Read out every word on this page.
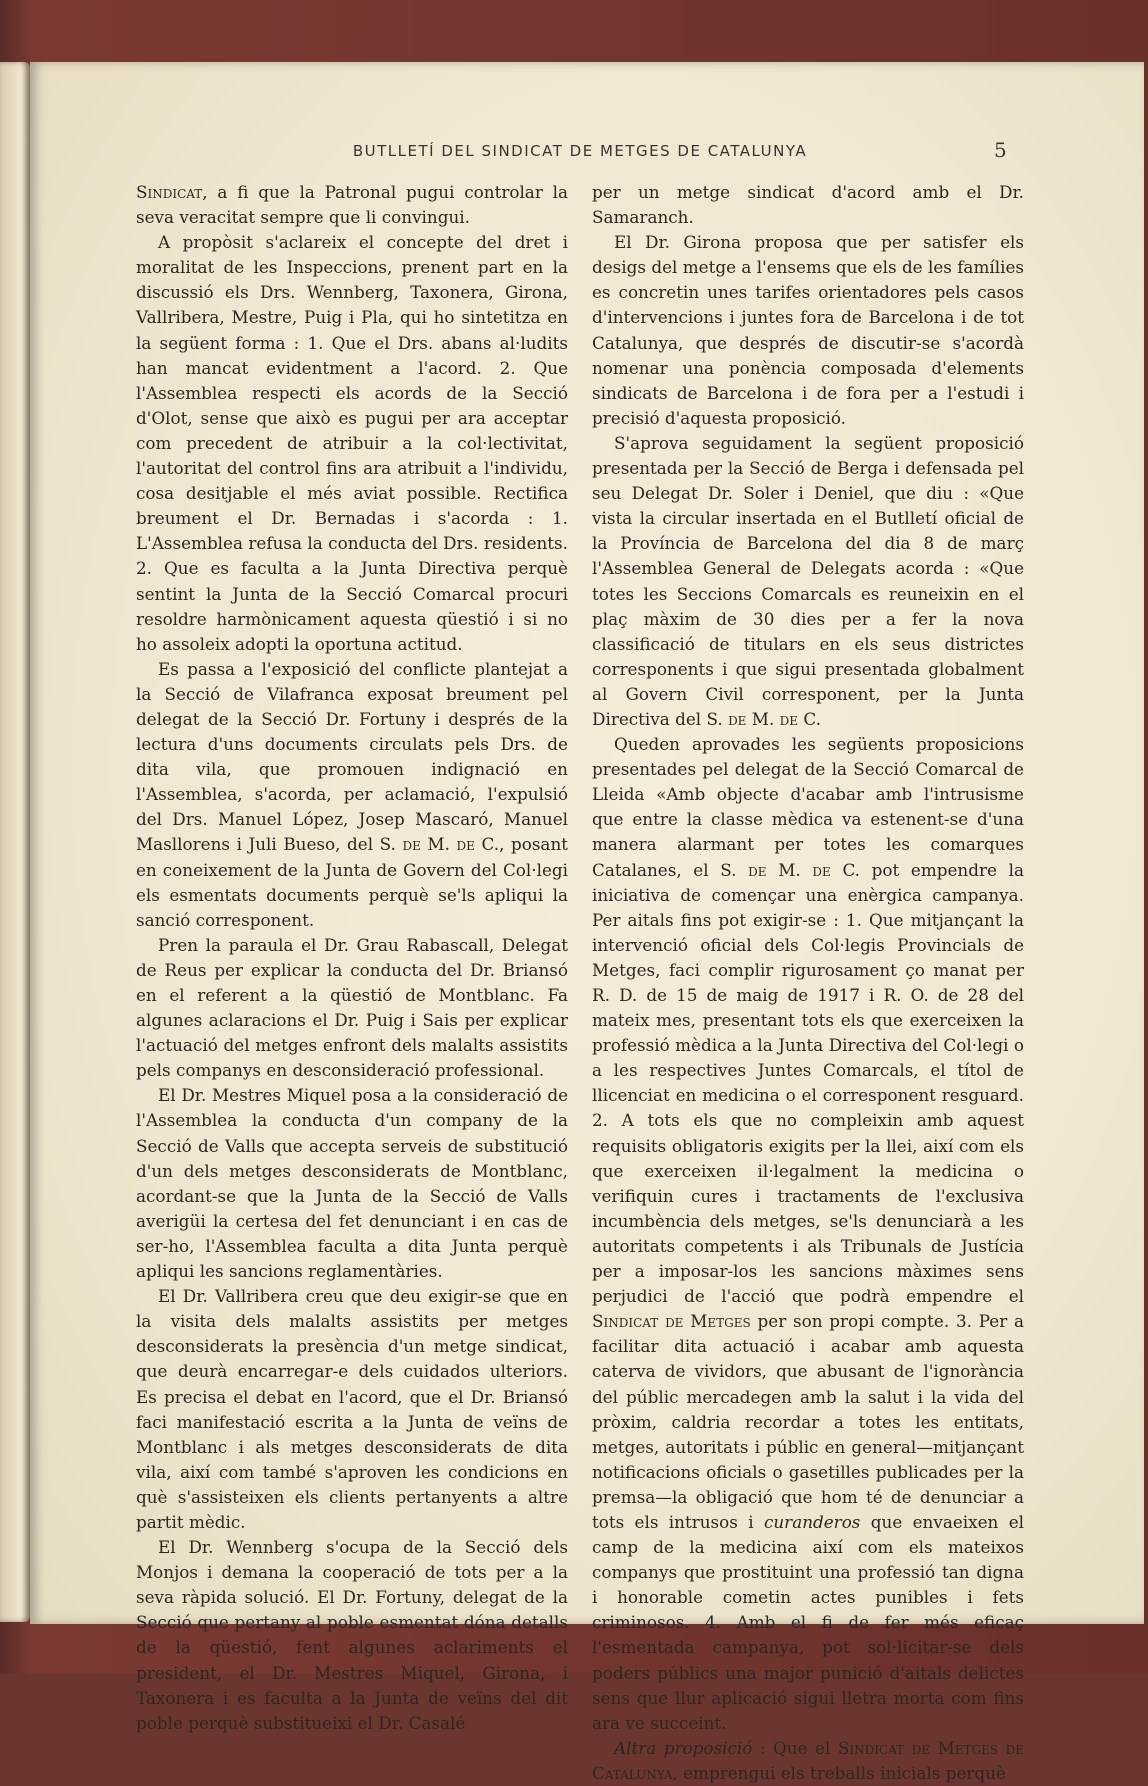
BUTLLETÍ DEL SINDICAT DE METGES DE CATALUNYA	5

Sindicat, a fi que la Patronal pugui controlar la seva veracitat sempre que li convingui.

A propòsit s'aclareix el concepte del dret i moralitat de les Inspeccions, prenent part en la discussió els Drs. Wennberg, Taxonera, Girona, Vallribera, Mestre, Puig i Pla, qui ho sintetitza en la següent forma : 1. Que el Drs. abans al·ludits han mancat evidentment a l'acord. 2. Que l'Assemblea respecti els acords de la Secció d'Olot, sense que això es pugui per ara acceptar com precedent de atribuir a la col·lectivitat, l'autoritat del control fins ara atribuit a l'individu, cosa desitjable el més aviat possible. Rectifica breument el Dr. Bernadas i s'acorda : 1. L'Assemblea refusa la conducta del Drs. residents. 2. Que es faculta a la Junta Directiva perquè sentint la Junta de la Secció Comarcal procuri resoldre harmònicament aquesta qüestió i si no ho assoleix adopti la oportuna actitud.

Es passa a l'exposició del conflicte plantejat a la Secció de Vilafranca exposat breument pel delegat de la Secció Dr. Fortuny i després de la lectura d'uns documents circulats pels Drs. de dita vila, que promouen indignació en l'Assemblea, s'acorda, per aclamació, l'expulsió del Drs. Manuel López, Josep Mascaró, Manuel Masllorens i Juli Bueso, del S. de M. de C., posant en coneixement de la Junta de Govern del Col·legi els esmentats documents perquè se'ls apliqui la sanció corresponent.

Pren la paraula el Dr. Grau Rabascall, Delegat de Reus per explicar la conducta del Dr. Briansó en el referent a la qüestió de Montblanc. Fa algunes aclaracions el Dr. Puig i Sais per explicar l'actuació del metges enfront dels malalts assistits pels companys en desconsideració professional.

El Dr. Mestres Miquel posa a la consideració de l'Assemblea la conducta d'un company de la Secció de Valls que accepta serveis de substitució d'un dels metges desconsiderats de Montblanc, acordant-se que la Junta de la Secció de Valls averigüi la certesa del fet denunciant i en cas de ser-ho, l'Assemblea faculta a dita Junta perquè apliqui les sancions reglamentàries.

El Dr. Vallribera creu que deu exigir-se que en la visita dels malalts assistits per metges desconsiderats la presència d'un metge sindicat, que deurà encarregar-e dels cuidados ulteriors. Es precisa el debat en l'acord, que el Dr. Briansó faci manifestació escrita a la Junta de veïns de Montblanc i als metges desconsiderats de dita vila, així com també s'aproven les condicions en què s'assisteixen els clients pertanyents a altre partit mèdic.

El Dr. Wennberg s'ocupa de la Secció dels Monjos i demana la cooperació de tots per a la seva ràpida solució. El Dr. Fortuny, delegat de la Secció que pertany al poble esmentat dóna detalls de la qüestió, fent algunes aclariments el president, el Dr. Mestres Miquel, Girona, i Taxonera i es faculta a la Junta de veïns del dit poble perquè substitueixi el Dr. Casalé

per un metge sindicat d'acord amb el Dr. Samaranch.

El Dr. Girona proposa que per satisfer els desigs del metge a l'ensems que els de les famílies es concretin unes tarifes orientadores pels casos d'intervencions i juntes fora de Barcelona i de tot Catalunya, que després de discutir-se s'acordà nomenar una ponència composada d'elements sindicats de Barcelona i de fora per a l'estudi i precisió d'aquesta proposició.

S'aprova seguidament la següent proposició presentada per la Secció de Berga i defensada pel seu Delegat Dr. Soler i Deniel, que diu : «Que vista la circular insertada en el Butlletí oficial de la Província de Barcelona del dia 8 de març l'Assemblea General de Delegats acorda : «Que totes les Seccions Comarcals es reuneixin en el plaç màxim de 30 dies per a fer la nova classificació de titulars en els seus districtes corresponents i que sigui presentada globalment al Govern Civil corresponent, per la Junta Directiva del S. de M. de C.

Queden aprovades les següents proposicions presentades pel delegat de la Secció Comarcal de Lleida «Amb objecte d'acabar amb l'intrusisme que entre la classe mèdica va estenent-se d'una manera alarmant per totes les comarques Catalanes, el S. de M. de C. pot empendre la iniciativa de començar una enèrgica campanya. Per aitals fins pot exigir-se : 1. Que mitjançant la intervenció oficial dels Col·legis Provincials de Metges, faci complir rigurosament ço manat per R. D. de 15 de maig de 1917 i R. O. de 28 del mateix mes, presentant tots els que exerceixen la professió mèdica a la Junta Directiva del Col·legi o a les respectives Juntes Comarcals, el títol de llicenciat en medicina o el corresponent resguard. 2. A tots els que no compleixin amb aquest requisits obligatoris exigits per la llei, així com els que exerceixen il·legalment la medicina o verifiquin cures i tractaments de l'exclusiva incumbència dels metges, se'ls denunciarà a les autoritats competents i als Tribunals de Justícia per a imposar-los les sancions màximes sens perjudici de l'acció que podrà empendre el Sindicat de Metges per son propi compte. 3. Per a facilitar dita actuació i acabar amb aquesta caterva de vividors, que abusant de l'ignorància del públic mercadegen amb la salut i la vida del pròxim, caldria recordar a totes les entitats, metges, autoritats i públic en general—mitjançant notificacions oficials o gasetilles publicades per la premsa—la obligació que hom té de denunciar a tots els intrusos i curanderos que envaeixen el camp de la medicina així com els mateixos companys que prostituint una professió tan digna i honorable cometin actes punibles i fets criminosos. 4. Amb el fi de fer més eficaç l'esmentada campanya, pot sol·licitar-se dels poders públics una major punició d'aitals delictes sens que llur aplicació sigui lletra morta com fins ara ve succeint.

Altra proposició : Que el Sindicat de Metges de Catalunya, emprengui els treballs inicials perquè
